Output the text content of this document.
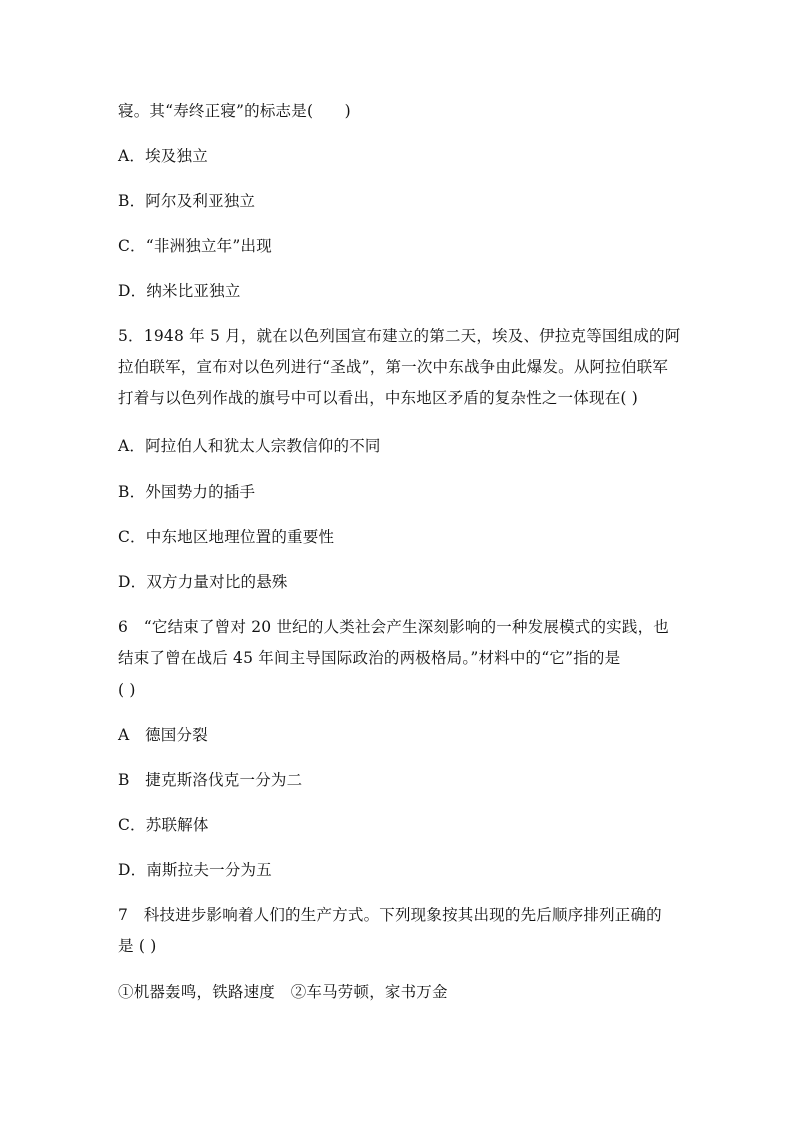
寝。其“寿终正寝”的标志是(　　)
A．埃及独立
B．阿尔及利亚独立
C．“非洲独立年”出现
D．纳米比亚独立
5．1948 年 5 月，就在以色列国宣布建立的第二天，埃及、伊拉克等国组成的阿
拉伯联军，宣布对以色列进行“圣战”，第一次中东战争由此爆发。从阿拉伯联军
打着与以色列作战的旗号中可以看出，中东地区矛盾的复杂性之一体现在( )
A．阿拉伯人和犹太人宗教信仰的不同
B．外国势力的插手
C．中东地区地理位置的重要性
D．双方力量对比的悬殊
6　“它结束了曾对 20 世纪的人类社会产生深刻影响的一种发展模式的实践，也
结束了曾在战后 45 年间主导国际政治的两极格局。”材料中的“它”指的是
( )
A　德国分裂
B　捷克斯洛伐克一分为二
C．苏联解体
D．南斯拉夫一分为五
7　科技进步影响着人们的生产方式。下列现象按其出现的先后顺序排列正确的
是 ( )
①机器轰鸣，铁路速度　②车马劳顿，家书万金
